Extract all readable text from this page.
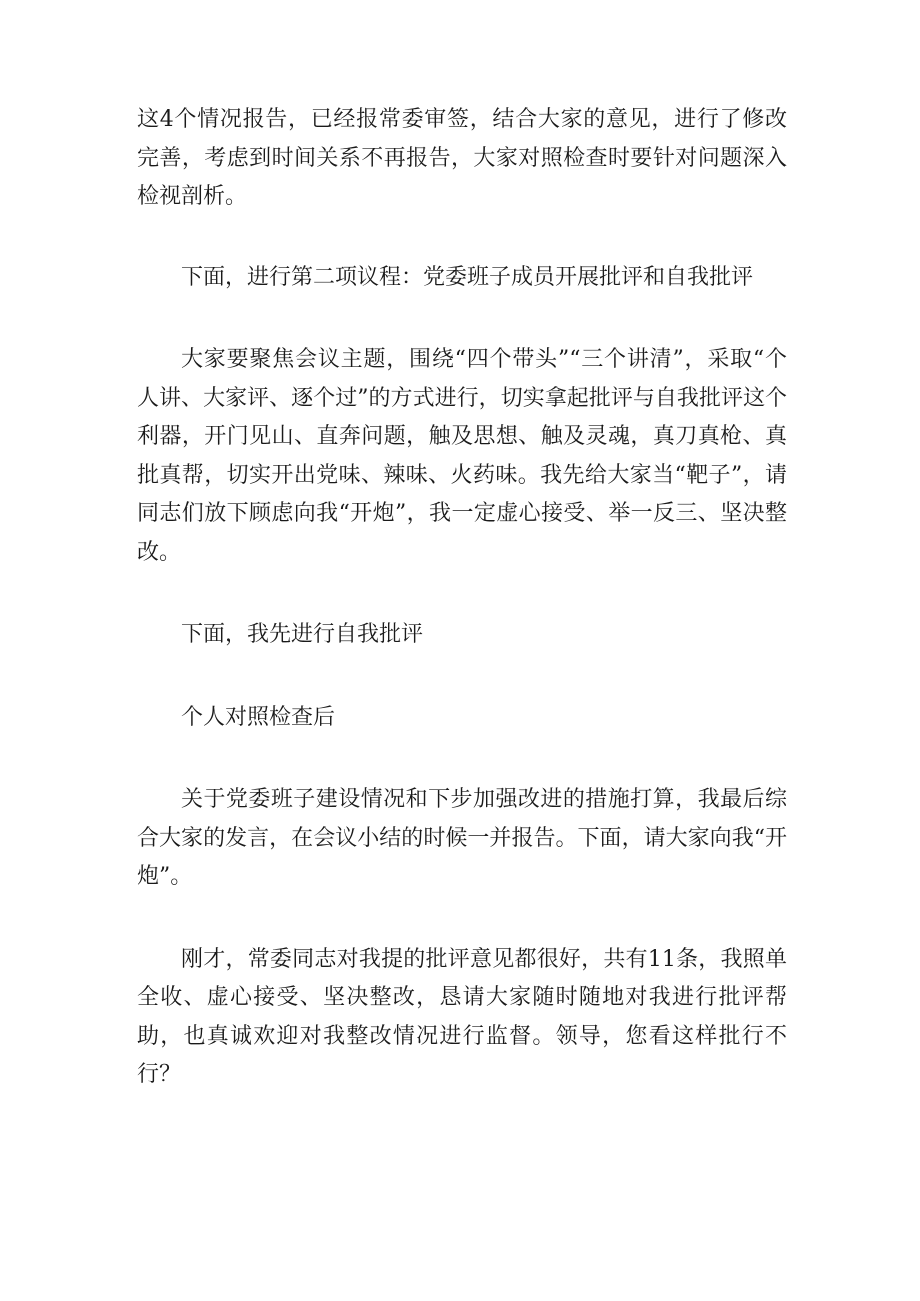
这4个情况报告，已经报常委审签，结合大家的意见，进行了修改完善，考虑到时间关系不再报告，大家对照检查时要针对问题深入检视剖析。

下面，进行第二项议程：党委班子成员开展批评和自我批评

大家要聚焦会议主题，围绕“四个带头”“三个讲清”，采取“个人讲、大家评、逐个过”的方式进行，切实拿起批评与自我批评这个利器，开门见山、直奔问题，触及思想、触及灵魂，真刀真枪、真批真帮，切实开出党味、辣味、火药味。我先给大家当“靶子”，请同志们放下顾虑向我“开炮”，我一定虚心接受、举一反三、坚决整改。

下面，我先进行自我批评

个人对照检查后

关于党委班子建设情况和下步加强改进的措施打算，我最后综合大家的发言，在会议小结的时候一并报告。下面，请大家向我“开炮”。

刚才，常委同志对我提的批评意见都很好，共有11条，我照单全收、虚心接受、坚决整改，恳请大家随时随地对我进行批评帮助，也真诚欢迎对我整改情况进行监督。领导，您看这样批行不行？
